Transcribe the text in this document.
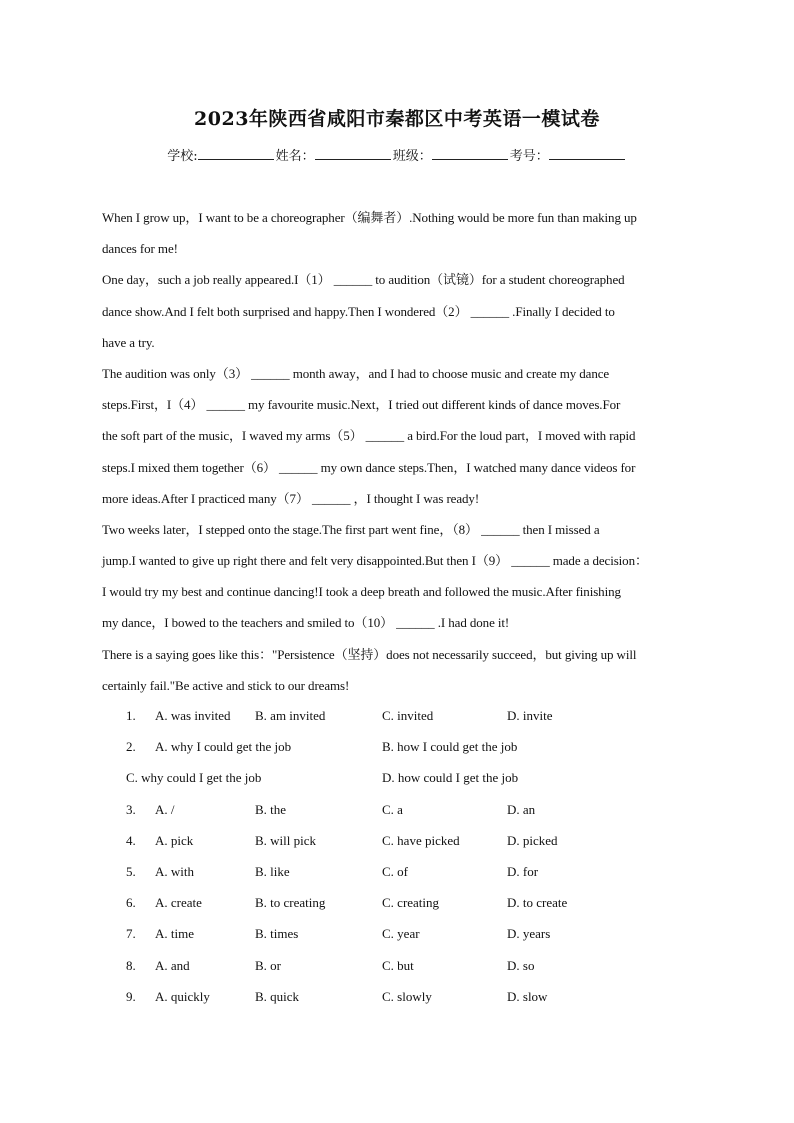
2023年陕西省咸阳市秦都区中考英语一模试卷
学校:	姓名：	班级：	考号：
When I grow up，I want to be a choreographer（编舞者）.Nothing would be more fun than making up
dances for me!
One day，such a job really appeared.I（1） ______ to audition（试镜）for a student choreographed
dance show.And I felt both surprised and happy.Then I wondered（2） ______ .Finally I decided to
have a try.
The audition was only（3） ______ month away，and I had to choose music and create my dance
steps.First，I（4） ______ my favourite music.Next，I tried out different kinds of dance moves.For
the soft part of the music，I waved my arms（5） ______ a bird.For the loud part，I moved with rapid
steps.I mixed them together（6） ______ my own dance steps.Then，I watched many dance videos for
more ideas.After I practiced many（7） ______ ，I thought I was ready!
Two weeks later，I stepped onto the stage.The first part went fine，（8） ______ then I missed a
jump.I wanted to give up right there and felt very disappointed.But then I（9） ______ made a decision：
I would try my best and continue dancing!I took a deep breath and followed the music.After finishing
my dance，I bowed to the teachers and smiled to（10） ______ .I had done it!
There is a saying goes like this："Persistence（坚持）does not necessarily succeed，but giving up will
certainly fail."Be active and stick to our dreams!
1. A. was invited B. am invited	C. invited	D. invite
2. A. why I could get the job	B. how I could get the job
C. why could I get the job	D. how could I get the job
3. A. /	B. the	C. a	D. an
4. A. pick	B. will pick	C. have picked	D. picked
5. A. with	B. like	C. of	D. for
6. A. create	B. to creating	C. creating	D. to create
7. A. time	B. times	C. year	D. years
8. A. and	B. or	C. but	D. so
9. A. quickly	B. quick	C. slowly	D. slow
